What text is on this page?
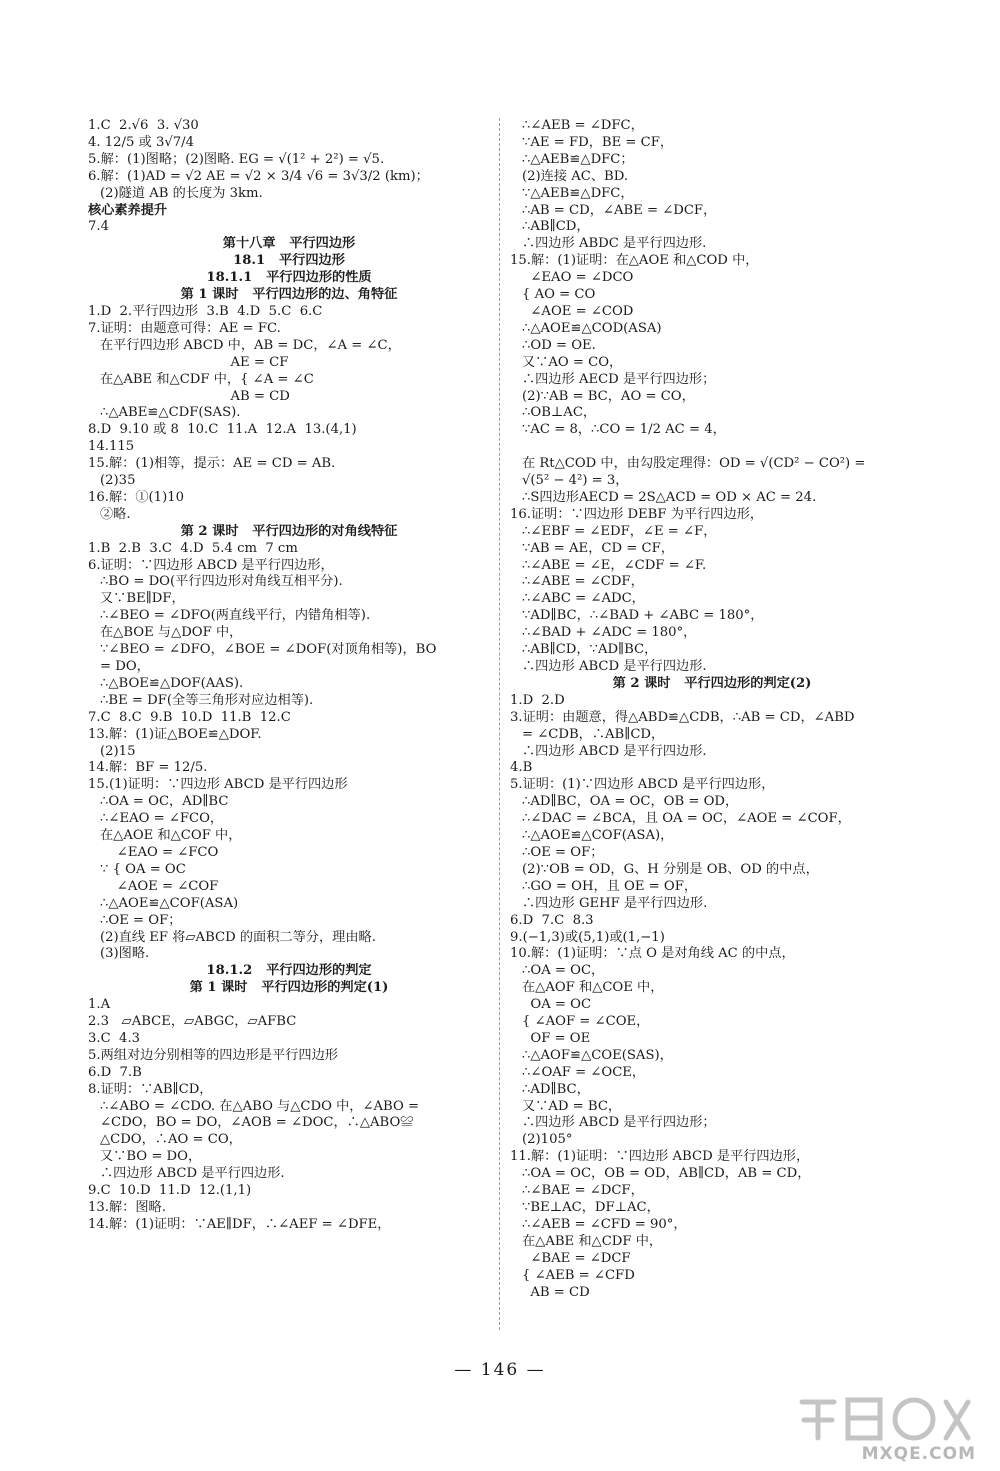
1.C  2.√6  3. √30
4. 12/5 或 3√7/4
5.解：(1)图略；(2)图略. EG = √(1² + 2²) = √5.
6.解：(1)AD = √2 AE = √2 × 3/4 √6 = 3√3/2 (km)；
(2)隧道 AB 的长度为 3km.
核心素养提升
7.4
第十八章   平行四边形
18.1   平行四边形
18.1.1   平行四边形的性质
第 1 课时   平行四边形的边、角特征
1.D  2.平行四边形  3.B  4.D  5.C  6.C
7.证明：由题意可得：AE = FC.
在平行四边形 ABCD 中，AB = DC，∠A = ∠C，
AE = CF
在△ABE 和△CDF 中，{ ∠A = ∠C
AB = CD
∴△ABE≌△CDF(SAS).
8.D  9.10 或 8  10.C  11.A  12.A  13.(4,1)
14.115
15.解：(1)相等，提示：AE = CD = AB.
(2)35
16.解：①(1)10
②略.
第 2 课时   平行四边形的对角线特征
1.B  2.B  3.C  4.D  5.4 cm  7 cm
6.证明：∵四边形 ABCD 是平行四边形，
∴BO = DO(平行四边形对角线互相平分).
又∵BE∥DF，
∴∠BEO = ∠DFO(两直线平行，内错角相等).
在△BOE 与△DOF 中，
∵∠BEO = ∠DFO，∠BOE = ∠DOF(对顶角相等)，BO
= DO，
∴△BOE≌△DOF(AAS).
∴BE = DF(全等三角形对应边相等).
7.C  8.C  9.B  10.D  11.B  12.C
13.解：(1)证△BOE≌△DOF.
(2)15
14.解：BF = 12/5.
15.(1)证明：∵四边形 ABCD 是平行四边形
∴OA = OC，AD∥BC
∴∠EAO = ∠FCO，
在△AOE 和△COF 中，
∠EAO = ∠FCO
∵ { OA = OC
∠AOE = ∠COF
∴△AOE≌△COF(ASA)
∴OE = OF；
(2)直线 EF 将▱ABCD 的面积二等分，理由略.
(3)图略.
18.1.2   平行四边形的判定
第 1 课时   平行四边形的判定(1)
1.A
2.3   ▱ABCE，▱ABGC，▱AFBC
3.C  4.3
5.两组对边分别相等的四边形是平行四边形
6.D  7.B
8.证明：∵AB∥CD，
∴∠ABO = ∠CDO. 在△ABO 与△CDO 中，∠ABO =
∠CDO，BO = DO，∠AOB = ∠DOC，∴△ABO≌
△CDO，∴AO = CO，
又∵BO = DO，
∴四边形 ABCD 是平行四边形.
9.C  10.D  11.D  12.(1,1)
13.解：图略.
14.解：(1)证明：∵AE∥DF，∴∠AEF = ∠DFE，
∴∠AEB = ∠DFC，
∵AE = FD，BE = CF，
∴△AEB≌△DFC；
(2)连接 AC、BD.
∵△AEB≌△DFC，
∴AB = CD，∠ABE = ∠DCF，
∴AB∥CD，
∴四边形 ABDC 是平行四边形.
15.解：(1)证明：在△AOE 和△COD 中，
∠EAO = ∠DCO
{ AO = CO
∠AOE = ∠COD
∴△AOE≌△COD(ASA)
∴OD = OE.
又∵AO = CO，
∴四边形 AECD 是平行四边形；
(2)∵AB = BC，AO = CO，
∴OB⊥AC，
∵AC = 8，∴CO = 1/2 AC = 4，

在 Rt△COD 中，由勾股定理得：OD = √(CD² − CO²) =
√(5² − 4²) = 3，
∴S四边形AECD = 2S△ACD = OD × AC = 24.
16.证明：∵四边形 DEBF 为平行四边形，
∴∠EBF = ∠EDF，∠E = ∠F，
∵AB = AE，CD = CF，
∴∠ABE = ∠E，∠CDF = ∠F.
∴∠ABE = ∠CDF，
∴∠ABC = ∠ADC，
∵AD∥BC，∴∠BAD + ∠ABC = 180°，
∴∠BAD + ∠ADC = 180°，
∴AB∥CD，∵AD∥BC，
∴四边形 ABCD 是平行四边形.
第 2 课时   平行四边形的判定(2)
1.D  2.D
3.证明：由题意，得△ABD≌△CDB，∴AB = CD，∠ABD
= ∠CDB，∴AB∥CD，
∴四边形 ABCD 是平行四边形.
4.B
5.证明：(1)∵四边形 ABCD 是平行四边形，
∴AD∥BC，OA = OC，OB = OD，
∴∠DAC = ∠BCA，且 OA = OC，∠AOE = ∠COF，
∴△AOE≌△COF(ASA)，
∴OE = OF；
(2)∵OB = OD，G、H 分别是 OB、OD 的中点，
∴GO = OH，且 OE = OF，
∴四边形 GEHF 是平行四边形.
6.D  7.C  8.3
9.(−1,3)或(5,1)或(1,−1)
10.解：(1)证明：∵点 O 是对角线 AC 的中点，
∴OA = OC，
在△AOF 和△COE 中，
OA = OC
{ ∠AOF = ∠COE，
OF = OE
∴△AOF≌△COE(SAS)，
∴∠OAF = ∠OCE，
∴AD∥BC，
又∵AD = BC，
∴四边形 ABCD 是平行四边形；
(2)105°
11.解：(1)证明：∵四边形 ABCD 是平行四边形，
∴OA = OC，OB = OD，AB∥CD，AB = CD，
∴∠BAE = ∠DCF，
∵BE⊥AC，DF⊥AC，
∴∠AEB = ∠CFD = 90°，
在△ABE 和△CDF 中，
∠BAE = ∠DCF
{ ∠AEB = ∠CFD
AB = CD
— 146 —
MXQE.COM
